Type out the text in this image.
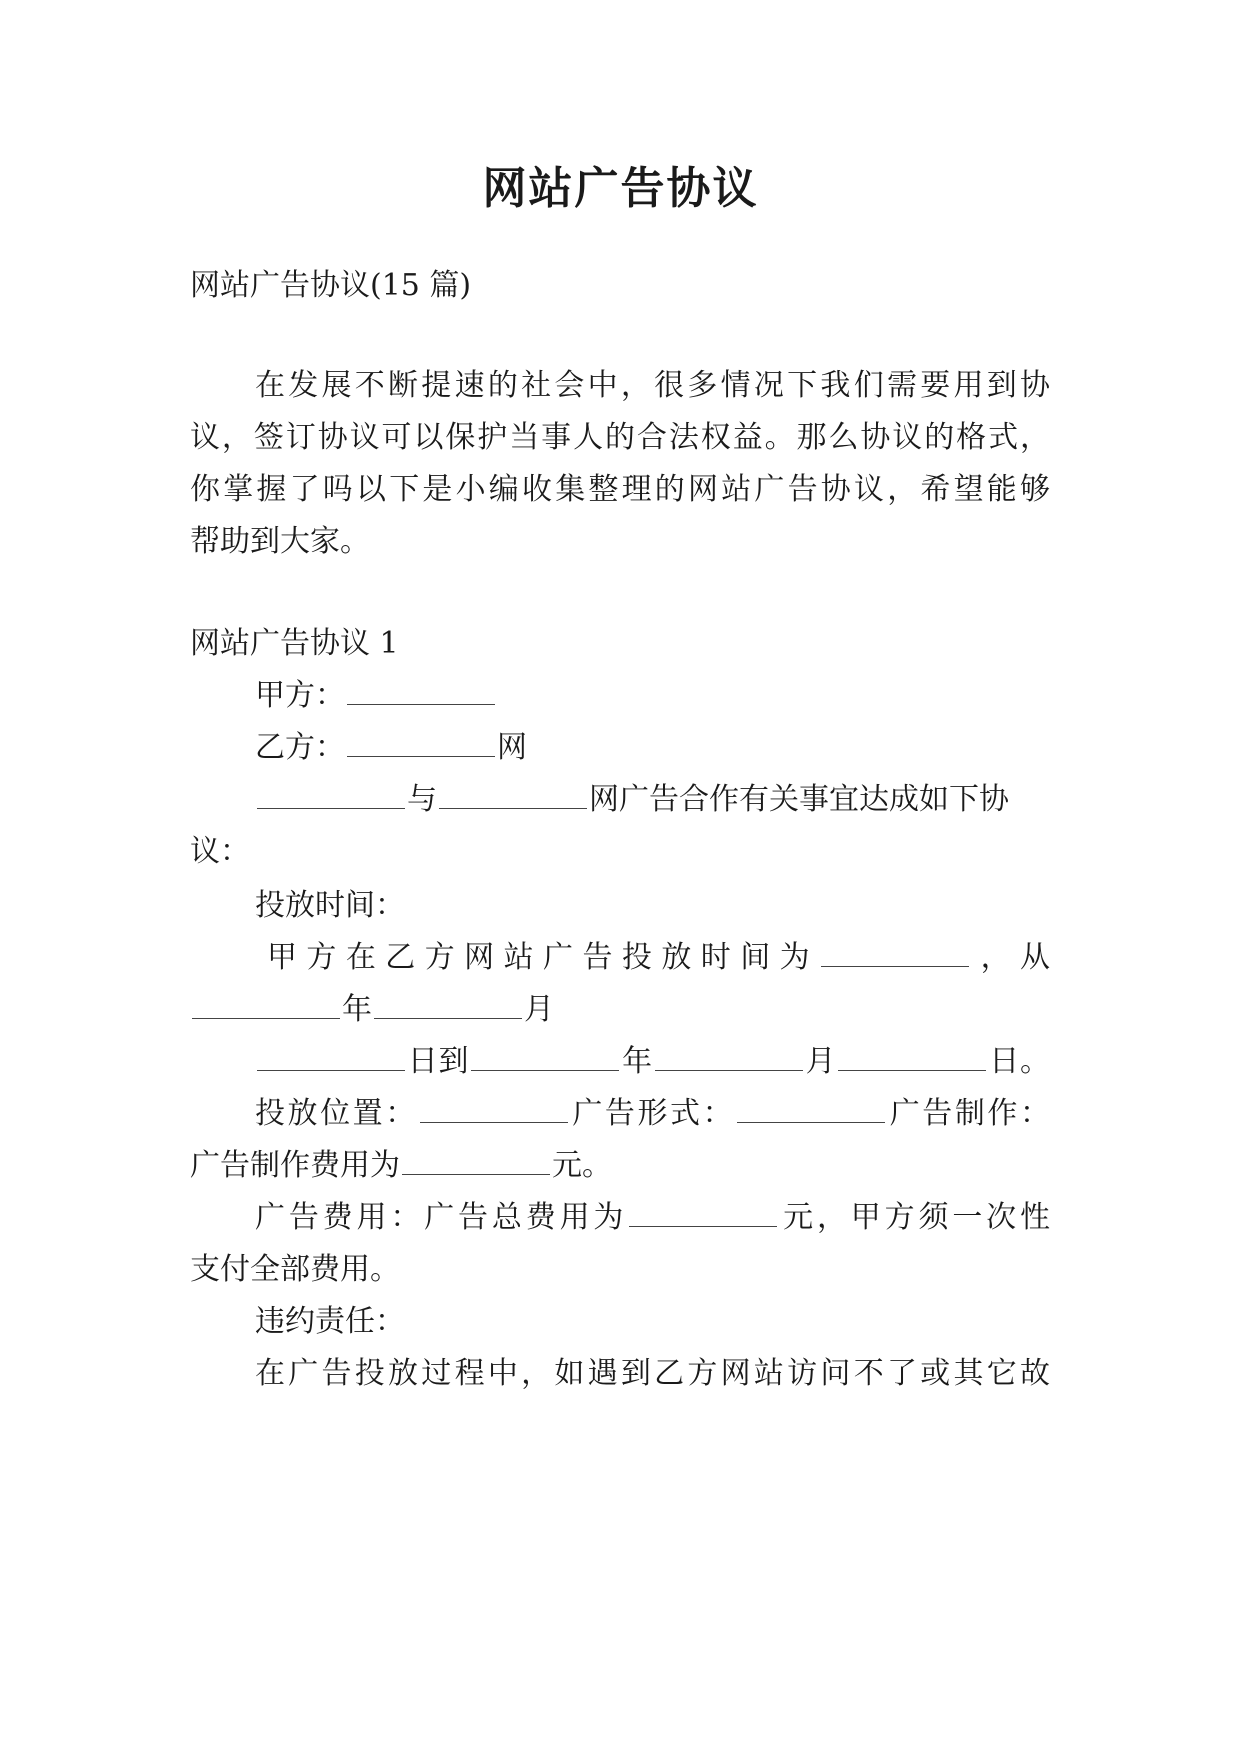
网站广告协议
网站广告协议(15 篇)
在发展不断提速的社会中，很多情况下我们需要用到协
议，签订协议可以保护当事人的合法权益。那么协议的格式，
你掌握了吗以下是小编收集整理的网站广告协议，希望能够
帮助到大家。
网站广告协议 1
甲方：
乙方：	网
与	网广告合作有关事宜达成如下协
议：
投放时间：
甲方在乙方网站广告投放时间为	，从
年	月
日到	年	月	日。
投放位置：	广告形式：	广告制作：
广告制作费用为	元。
广告费用：广告总费用为	元，甲方须一次性
支付全部费用。
违约责任：
在广告投放过程中，如遇到乙方网站访问不了或其它故
